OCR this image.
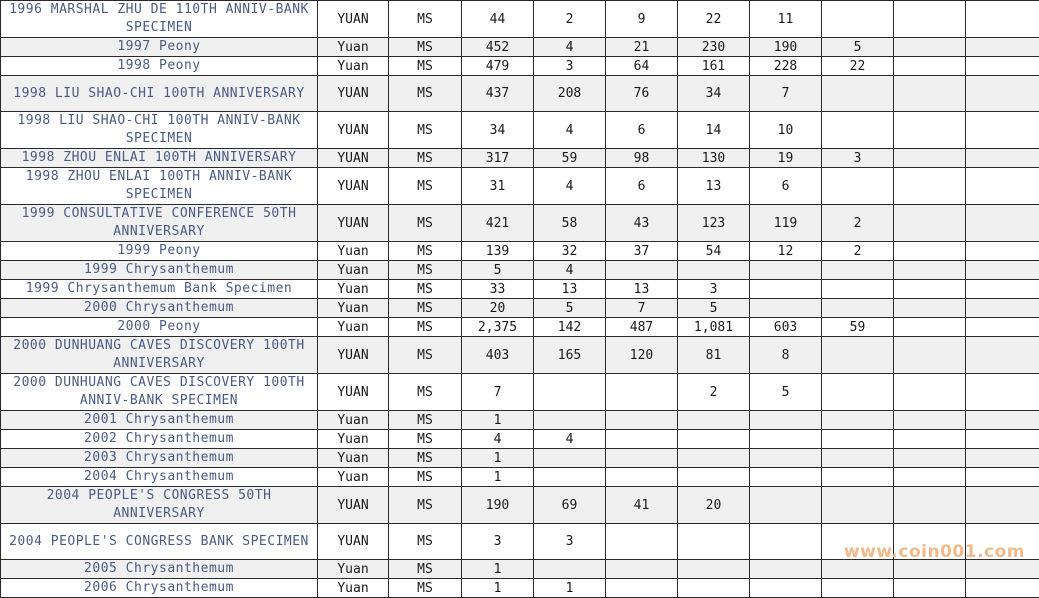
1996 MARSHAL ZHU DE 110TH ANNIV-BANK SPECIMEN	YUAN	MS	44	2	9	22	11			
1997 Peony	Yuan	MS	452	4	21	230	190	5		
1998 Peony	Yuan	MS	479	3	64	161	228	22		
1998 LIU SHAO-CHI 100TH ANNIVERSARY	YUAN	MS	437	208	76	34	7			
1998 LIU SHAO-CHI 100TH ANNIV-BANK SPECIMEN	YUAN	MS	34	4	6	14	10			
1998 ZHOU ENLAI 100TH ANNIVERSARY	YUAN	MS	317	59	98	130	19	3		
1998 ZHOU ENLAI 100TH ANNIV-BANK SPECIMEN	YUAN	MS	31	4	6	13	6			
1999 CONSULTATIVE CONFERENCE 50TH ANNIVERSARY	YUAN	MS	421	58	43	123	119	2		
1999 Peony	Yuan	MS	139	32	37	54	12	2		
1999 Chrysanthemum	Yuan	MS	5	4						
1999 Chrysanthemum Bank Specimen	Yuan	MS	33	13	13	3				
2000 Chrysanthemum	Yuan	MS	20	5	7	5				
2000 Peony	Yuan	MS	2,375	142	487	1,081	603	59		
2000 DUNHUANG CAVES DISCOVERY 100TH ANNIVERSARY	YUAN	MS	403	165	120	81	8			
2000 DUNHUANG CAVES DISCOVERY 100TH ANNIV-BANK SPECIMEN	YUAN	MS	7			2	5			
2001 Chrysanthemum	Yuan	MS	1							
2002 Chrysanthemum	Yuan	MS	4	4						
2003 Chrysanthemum	Yuan	MS	1							
2004 Chrysanthemum	Yuan	MS	1							
2004 PEOPLE'S CONGRESS 50TH ANNIVERSARY	YUAN	MS	190	69	41	20				
2004 PEOPLE'S CONGRESS BANK SPECIMEN	YUAN	MS	3	3						
2005 Chrysanthemum	Yuan	MS	1							
2006 Chrysanthemum	Yuan	MS	1	1						
www.coin001.com
